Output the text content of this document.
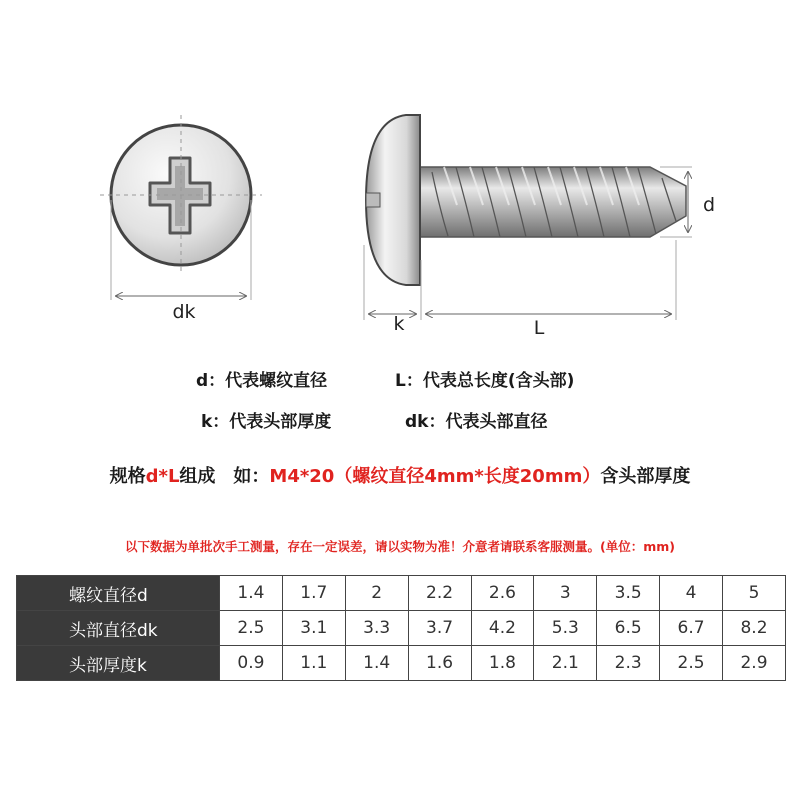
dk
k	L
d
d：代表螺纹直径	L：代表总长度(含头部)
k：代表头部厚度	dk：代表头部直径
规格d*L组成　如：M4*20（螺纹直径4mm*长度20mm）含头部厚度
以下数据为单批次手工测量，存在一定误差，请以实物为准！介意者请联系客服测量。(单位：mm)
螺纹直径d	1.4	1.7	2	2.2	2.6	3	3.5	4	5
头部直径dk	2.5	3.1	3.3	3.7	4.2	5.3	6.5	6.7	8.2
头部厚度k	0.9	1.1	1.4	1.6	1.8	2.1	2.3	2.5	2.9
